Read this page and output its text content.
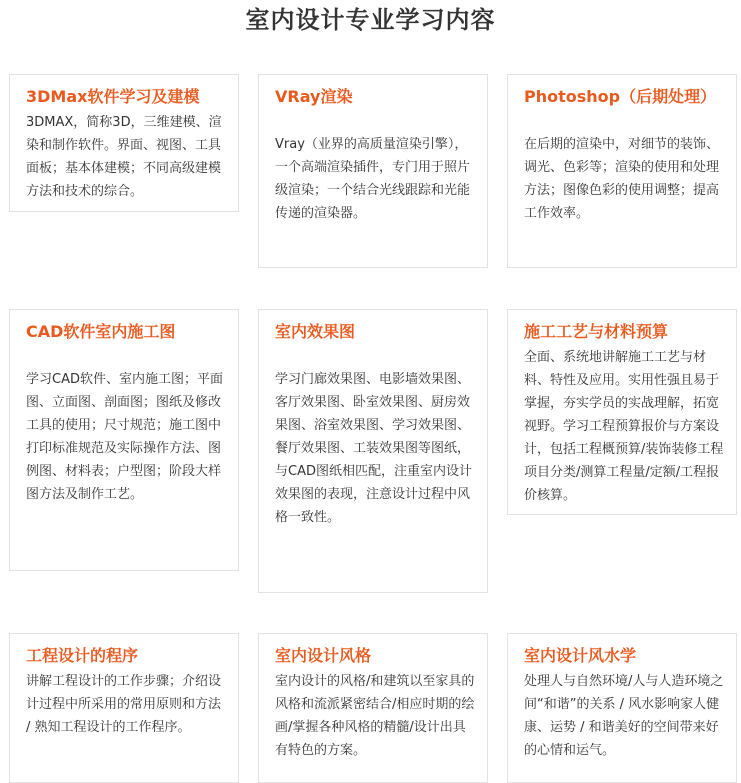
室内设计专业学习内容
3DMax软件学习及建模
3DMAX，简称3D，三维建模、渲染和制作软件。界面、视图、工具面板；基本体建模；不同高级建模方法和技术的综合。
VRay渲染
Vray（业界的高质量渲染引擎），一个高端渲染插件，专门用于照片级渲染；一个结合光线跟踪和光能传递的渲染器。
Photoshop（后期处理）
在后期的渲染中，对细节的装饰、调光、色彩等；渲染的使用和处理方法；图像色彩的使用调整；提高工作效率。
CAD软件室内施工图
学习CAD软件、室内施工图；平面图、立面图、剖面图；图纸及修改工具的使用；尺寸规范；施工图中打印标准规范及实际操作方法、图例图、材料表；户型图；阶段大样图方法及制作工艺。
室内效果图
学习门廊效果图、电影墙效果图、客厅效果图、卧室效果图、厨房效果图、浴室效果图、学习效果图、餐厅效果图、工装效果图等图纸，与CAD图纸相匹配，注重室内设计效果图的表现，注意设计过程中风格一致性。
施工工艺与材料预算
全面、系统地讲解施工工艺与材料、特性及应用。实用性强且易于掌握，夯实学员的实战理解，拓宽视野。学习工程预算报价与方案设计，包括工程概预算/装饰装修工程项目分类/测算工程量/定额/工程报价核算。
工程设计的程序
讲解工程设计的工作步骤；介绍设计过程中所采用的常用原则和方法 / 熟知工程设计的工作程序。
室内设计风格
室内设计的风格/和建筑以至家具的风格和流派紧密结合/相应时期的绘画/掌握各种风格的精髓/设计出具有特色的方案。
室内设计风水学
处理人与自然环境/人与人造环境之间“和谐”的关系 / 风水影响家人健康、运势 / 和谐美好的空间带来好的心情和运气。
